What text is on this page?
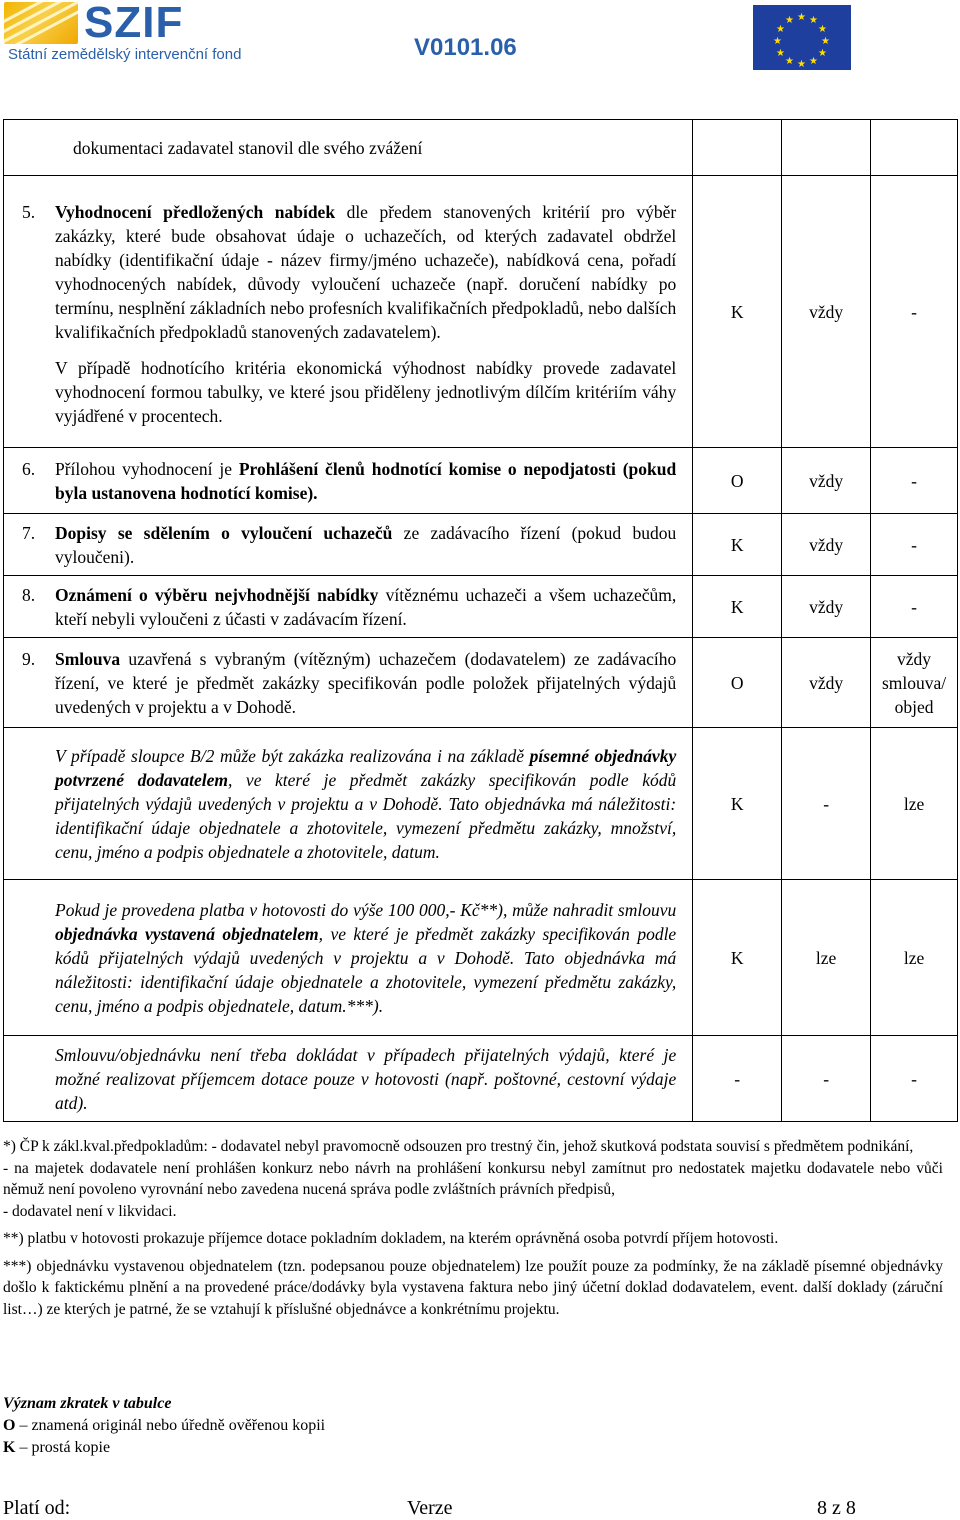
SZIF
Státní zemědělský intervenční fond	V0101.06
★ ★
★
★
★
★
★
★
★
★
★
★
dokumentaci zadavatel stanovil dle svého zvážení			

5. Vyhodnocení předložených nabídek dle předem stanovených kritérií pro výběr zakázky, které bude obsahovat údaje o uchazečích, od kterých zadavatel obdržel nabídky (identifikační údaje - název firmy/jméno uchazeče), nabídková cena, pořadí vyhodnocených nabídek, důvody vyloučení uchazeče (např. doručení nabídky po termínu, nesplnění základních nebo profesních kvalifikačních předpokladů, nebo dalších kvalifikačních předpokladů stanovených zadavatelem).
V případě hodnotícího kritéria ekonomická výhodnost nabídky provede zadavatel vyhodnocení formou tabulky, ve které jsou přiděleny jednotlivým dílčím kritériím váhy vyjádřené v procentech.	K	vždy	-

6. Přílohou vyhodnocení je Prohlášení členů hodnotící komise o nepodjatosti (pokud byla ustanovena hodnotící komise).	O	vždy	-

7. Dopisy se sdělením o vyloučení uchazečů ze zadávacího řízení (pokud budou vyloučeni).	K	vždy	-

8. Oznámení o výběru nejvhodnější nabídky vítěznému uchazeči a všem uchazečům, kteří nebyli vyloučeni z účasti v zadávacím řízení.	K	vždy	-

9. Smlouva uzavřená s vybraným (vítězným) uchazečem (dodavatelem) ze zadávacího řízení, ve které je předmět zakázky specifikován podle položek přijatelných výdajů uvedených v projektu a v Dohodě.	O	vždy	vždy smlouva/ objed

V případě sloupce B/2 může být zakázka realizována i na základě písemné objednávky potvrzené dodavatelem, ve které je předmět zakázky specifikován podle kódů přijatelných výdajů uvedených v projektu a v Dohodě. Tato objednávka má náležitosti: identifikační údaje objednatele a zhotovitele, vymezení předmětu zakázky, množství, cenu, jméno a podpis objednatele a zhotovitele, datum.	K	-	lze

Pokud je provedena platba v hotovosti do výše 100 000,- Kč**), může nahradit smlouvu objednávka vystavená objednatelem, ve které je předmět zakázky specifikován podle kódů přijatelných výdajů uvedených v projektu a v Dohodě. Tato objednávka má náležitosti: identifikační údaje objednatele a zhotovitele, vymezení předmětu zakázky, cenu, jméno a podpis objednatele, datum.***).	K	lze	lze

Smlouvu/objednávku není třeba dokládat v případech přijatelných výdajů, které je možné realizovat příjemcem dotace pouze v hotovosti (např. poštovné, cestovní výdaje atd).	-	-	-

*) ČP k zákl.kval.předpokladům: - dodavatel nebyl pravomocně odsouzen pro trestný čin, jehož skutková podstata souvisí s předmětem podnikání,

- na majetek dodavatele není prohlášen konkurz nebo návrh na prohlášení konkursu nebyl zamítnut pro nedostatek majetku dodavatele nebo vůči němuž není povoleno vyrovnání nebo zavedena nucená správa podle zvláštních právních předpisů,

- dodavatel není v likvidaci.

**) platbu v hotovosti prokazuje příjemce dotace pokladním dokladem, na kterém oprávněná osoba potvrdí příjem hotovosti.

***) objednávku vystavenou objednatelem (tzn. podepsanou pouze objednatelem) lze použít pouze za podmínky, že na základě písemné objednávky došlo k faktickému plnění a na provedené práce/dodávky byla vystavena faktura nebo jiný účetní doklad dodavatelem, event. další doklady (záruční list…) ze kterých je patrné, že se vztahují k příslušné objednávce a konkrétnímu projektu.

Význam zkratek v tabulce
O – znamená originál nebo úředně ověřenou kopii
K – prostá kopie
Platí od:	Verze	8 z 8
